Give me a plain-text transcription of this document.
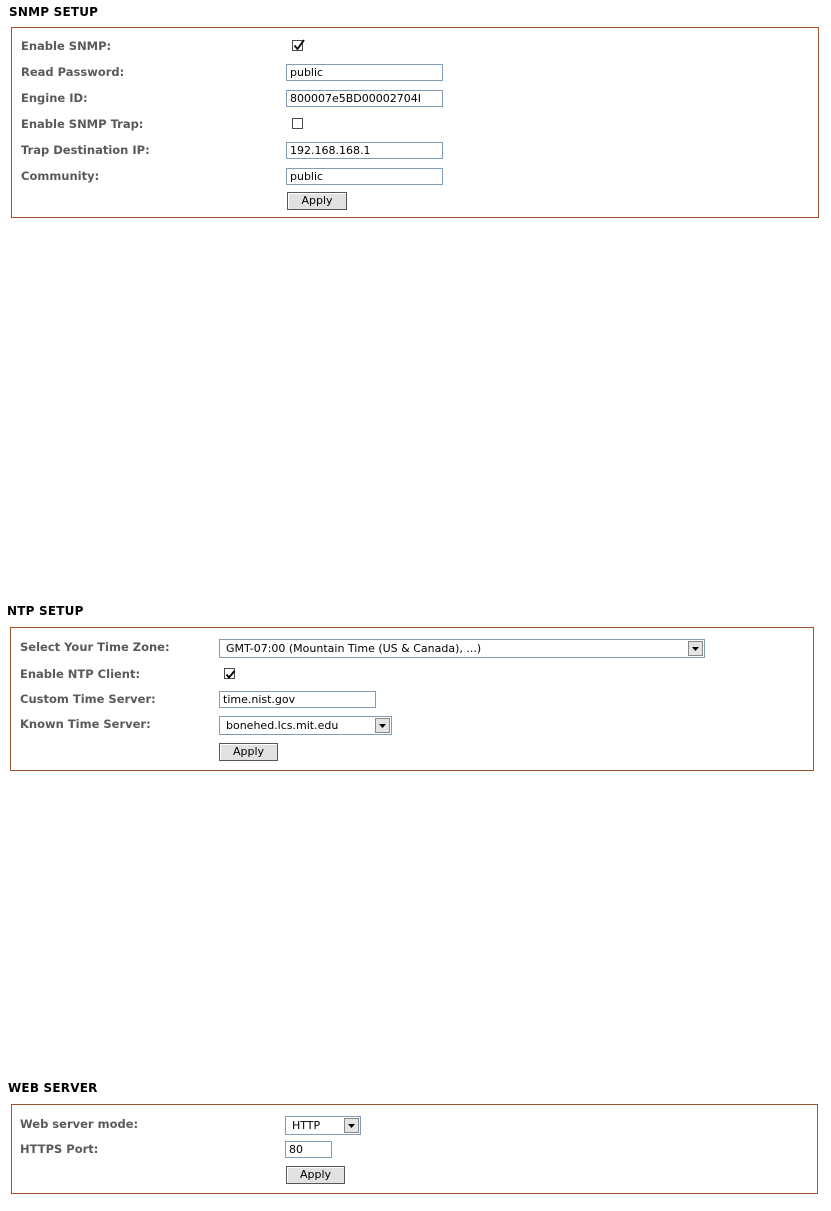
SNMP SETUP
Enable SNMP:
Read Password:	public
Engine ID:	800007e5BD00002704I
Enable SNMP Trap:
Trap Destination IP:	192.168.168.1
Community:	public
Apply
NTP SETUP
Select Your Time Zone:	GMT-07:00 (Mountain Time (US & Canada), ...)
Enable NTP Client:
Custom Time Server:	time.nist.gov
Known Time Server:	bonehed.lcs.mit.edu
Apply
WEB SERVER
Web server mode:	HTTP
HTTPS Port:	80
Apply
